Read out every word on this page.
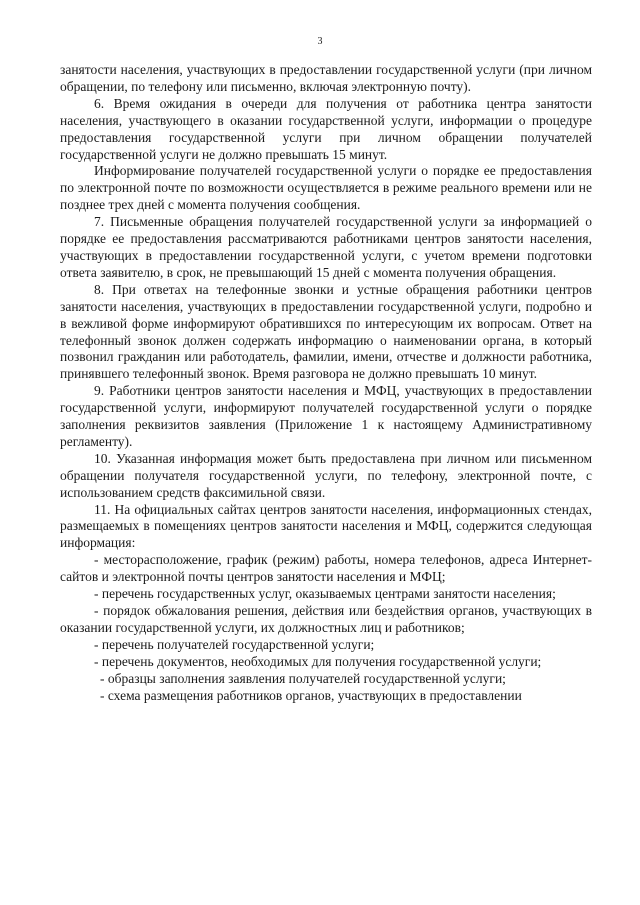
3

занятости населения, участвующих в предоставлении государственной услуги (при личном обращении, по телефону или письменно, включая электронную почту).

6. Время ожидания в очереди для получения от работника центра занятости населения, участвующего в оказании государственной услуги, информации о процедуре предоставления государственной услуги при личном обращении получателей государственной услуги не должно превышать 15 минут.

Информирование получателей государственной услуги о порядке ее предоставления по электронной почте по возможности осуществляется в режиме реального времени или не позднее трех дней с момента получения сообщения.

7. Письменные обращения получателей государственной услуги за информацией о порядке ее предоставления рассматриваются работниками центров занятости населения, участвующих в предоставлении государственной услуги, с учетом времени подготовки ответа заявителю, в срок, не превышающий 15 дней с момента получения обращения.

8. При ответах на телефонные звонки и устные обращения работники центров занятости населения, участвующих в предоставлении государственной услуги, подробно и в вежливой форме информируют обратившихся по интересующим их вопросам. Ответ на телефонный звонок должен содержать информацию о наименовании органа, в который позвонил гражданин или работодатель, фамилии, имени, отчестве и должности работника, принявшего телефонный звонок. Время разговора не должно превышать 10 минут.

9. Работники центров занятости населения и МФЦ, участвующих в предоставлении государственной услуги, информируют получателей государственной услуги о порядке заполнения реквизитов заявления (Приложение 1 к настоящему Административному регламенту).

10. Указанная информация может быть предоставлена при личном или письменном обращении получателя государственной услуги, по телефону, электронной почте, с использованием средств факсимильной связи.

11. На официальных сайтах центров занятости населения, информационных стендах, размещаемых в помещениях центров занятости населения и МФЦ, содержится следующая информация:

- месторасположение, график (режим) работы, номера телефонов, адреса Интернет-сайтов и электронной почты центров занятости населения и МФЦ;

- перечень государственных услуг, оказываемых центрами занятости населения;

- порядок обжалования решения, действия или бездействия органов, участвующих в оказании государственной услуги, их должностных лиц и работников;

- перечень получателей государственной услуги;

- перечень документов, необходимых для получения государственной услуги;

- образцы заполнения заявления получателей государственной услуги;

- схема размещения работников органов, участвующих в предоставлении
